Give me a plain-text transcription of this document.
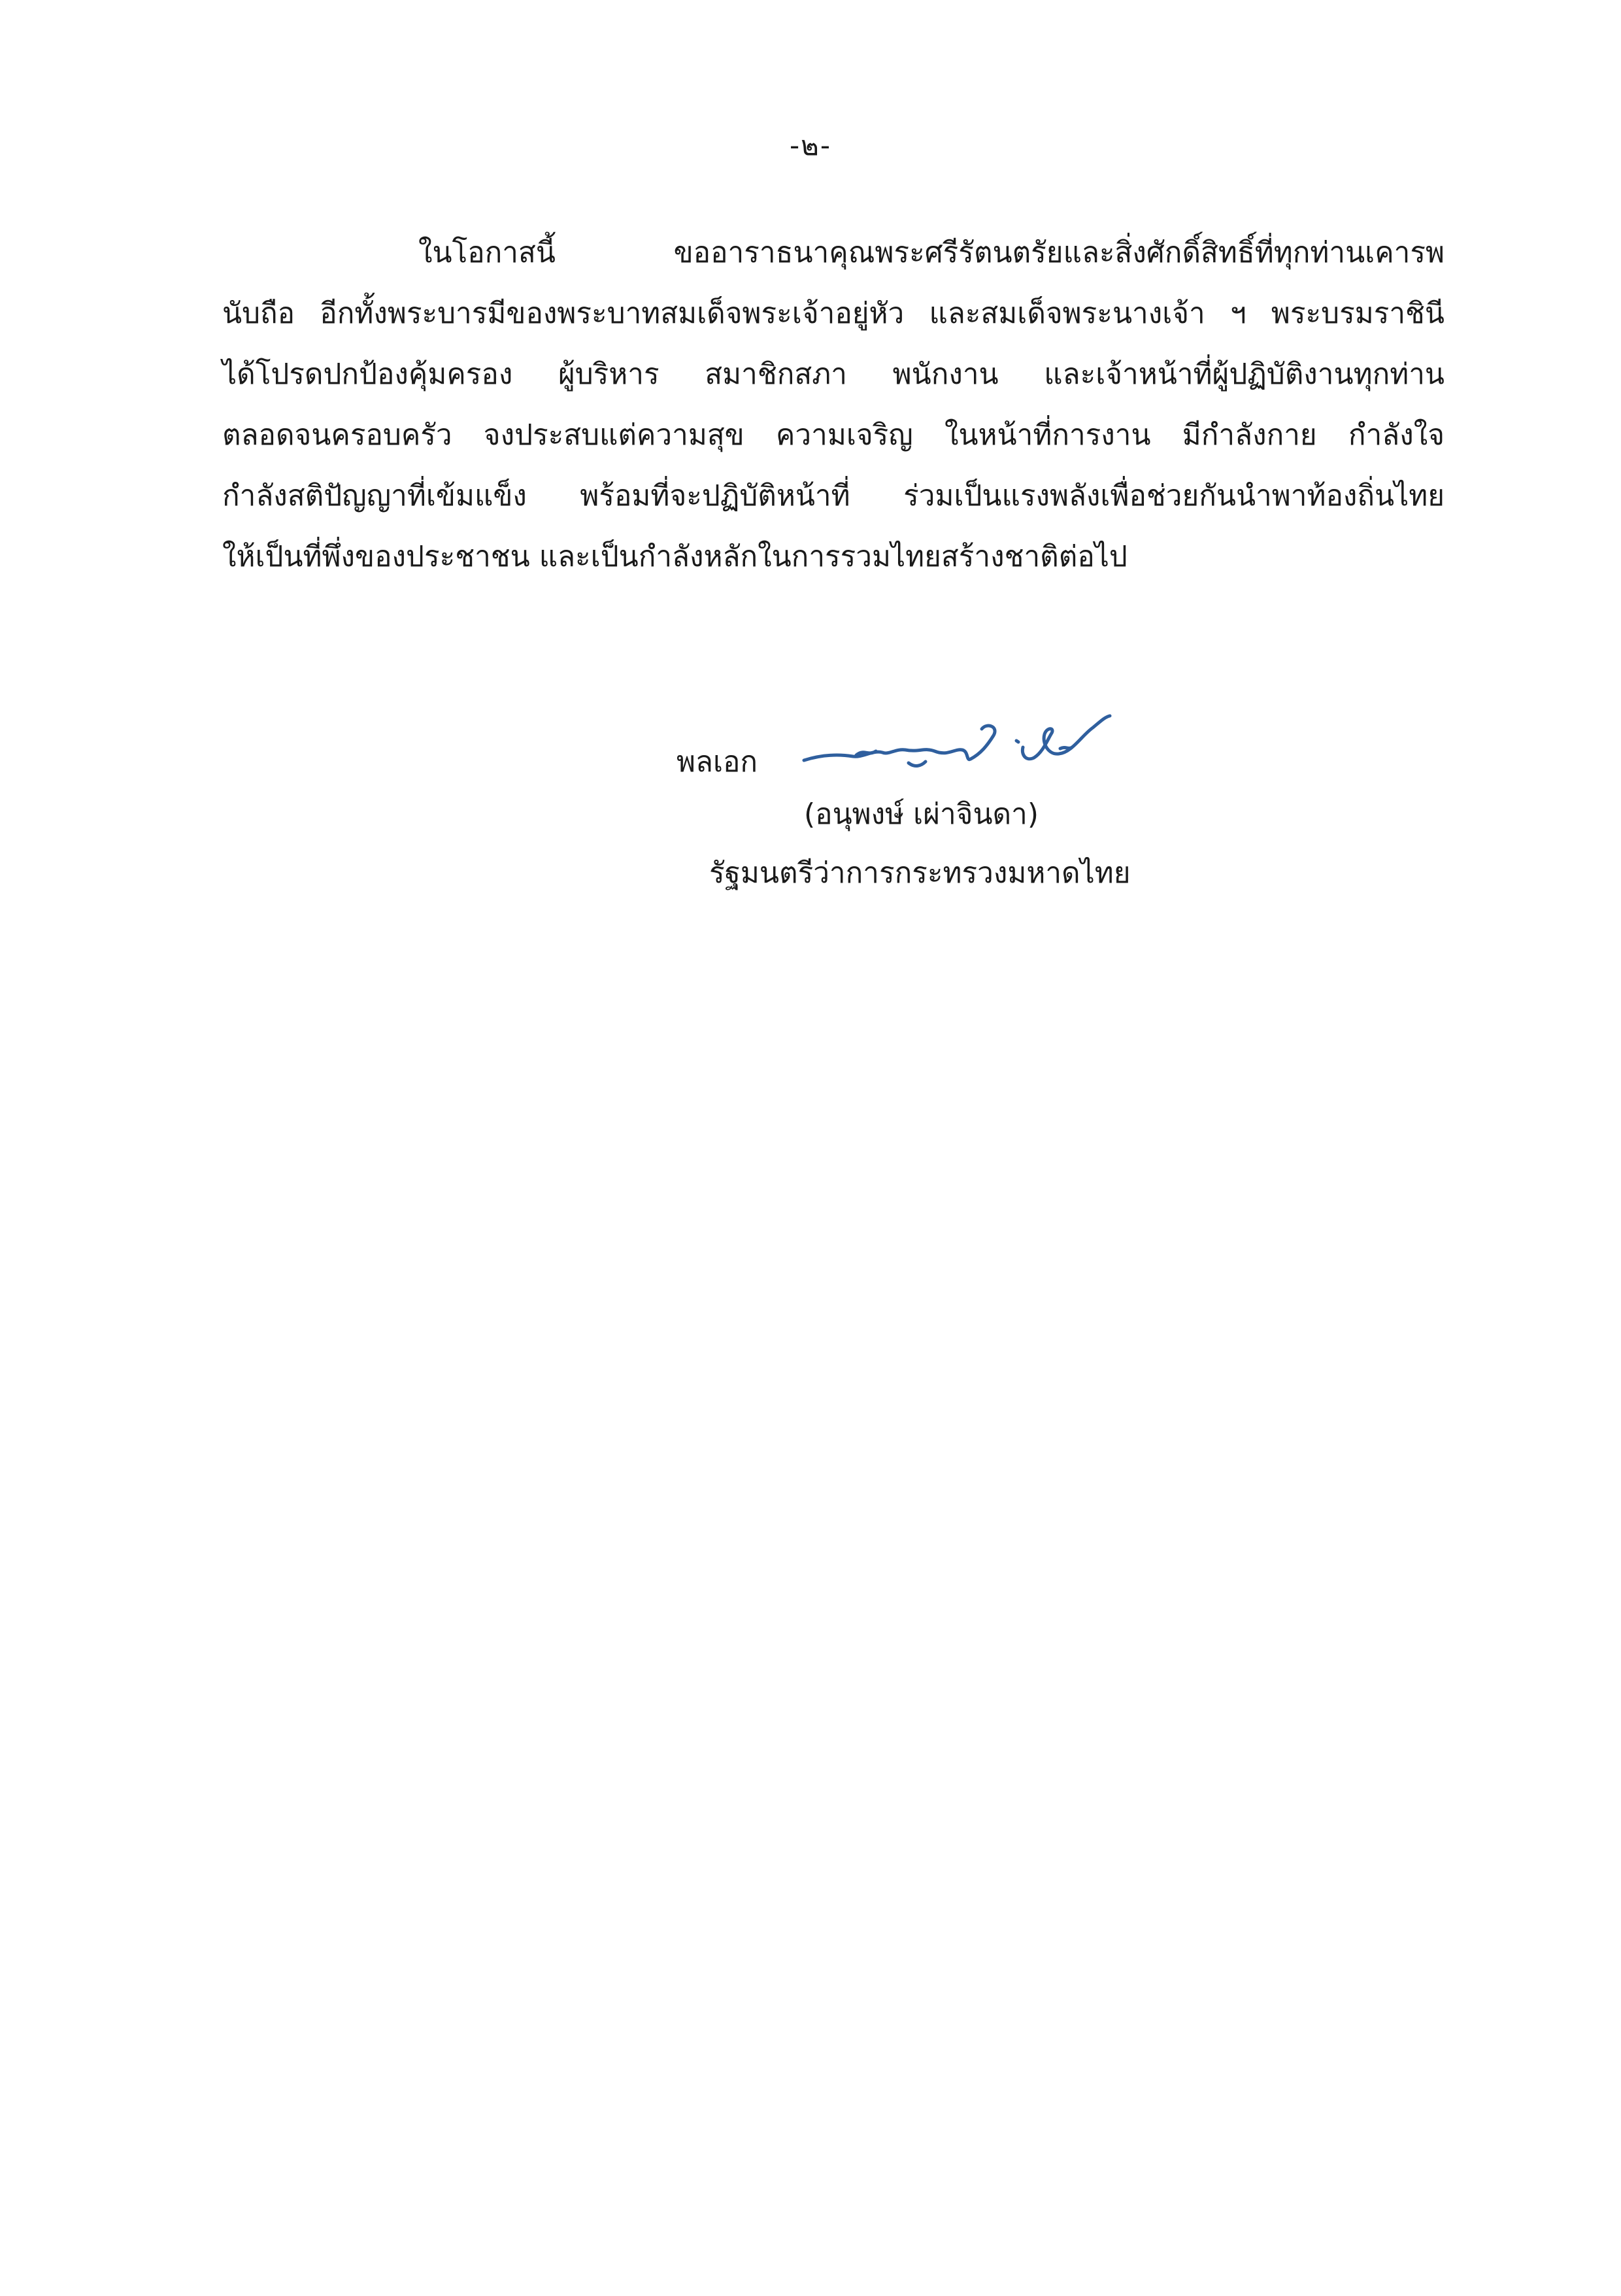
-๒-
ในโอกาสนี้ ขออาราธนาคุณพระศรีรัตนตรัยและสิ่งศักดิ์สิทธิ์ที่ทุกท่านเคารพ
นับถือ อีกทั้งพระบารมีของพระบาทสมเด็จพระเจ้าอยู่หัว และสมเด็จพระนางเจ้า ฯ พระบรมราชินี
ได้โปรดปกป้องคุ้มครอง ผู้บริหาร สมาชิกสภา พนักงาน และเจ้าหน้าที่ผู้ปฏิบัติงานทุกท่าน
ตลอดจนครอบครัว จงประสบแต่ความสุข ความเจริญ ในหน้าที่การงาน มีกำลังกาย กำลังใจ
กำลังสติปัญญาที่เข้มแข็ง พร้อมที่จะปฏิบัติหน้าที่ ร่วมเป็นแรงพลังเพื่อช่วยกันนำพาท้องถิ่นไทย
ให้เป็นที่พึ่งของประชาชน และเป็นกำลังหลักในการรวมไทยสร้างชาติต่อไป
พลเอก
(อนุพงษ์ เผ่าจินดา)
รัฐมนตรีว่าการกระทรวงมหาดไทย
